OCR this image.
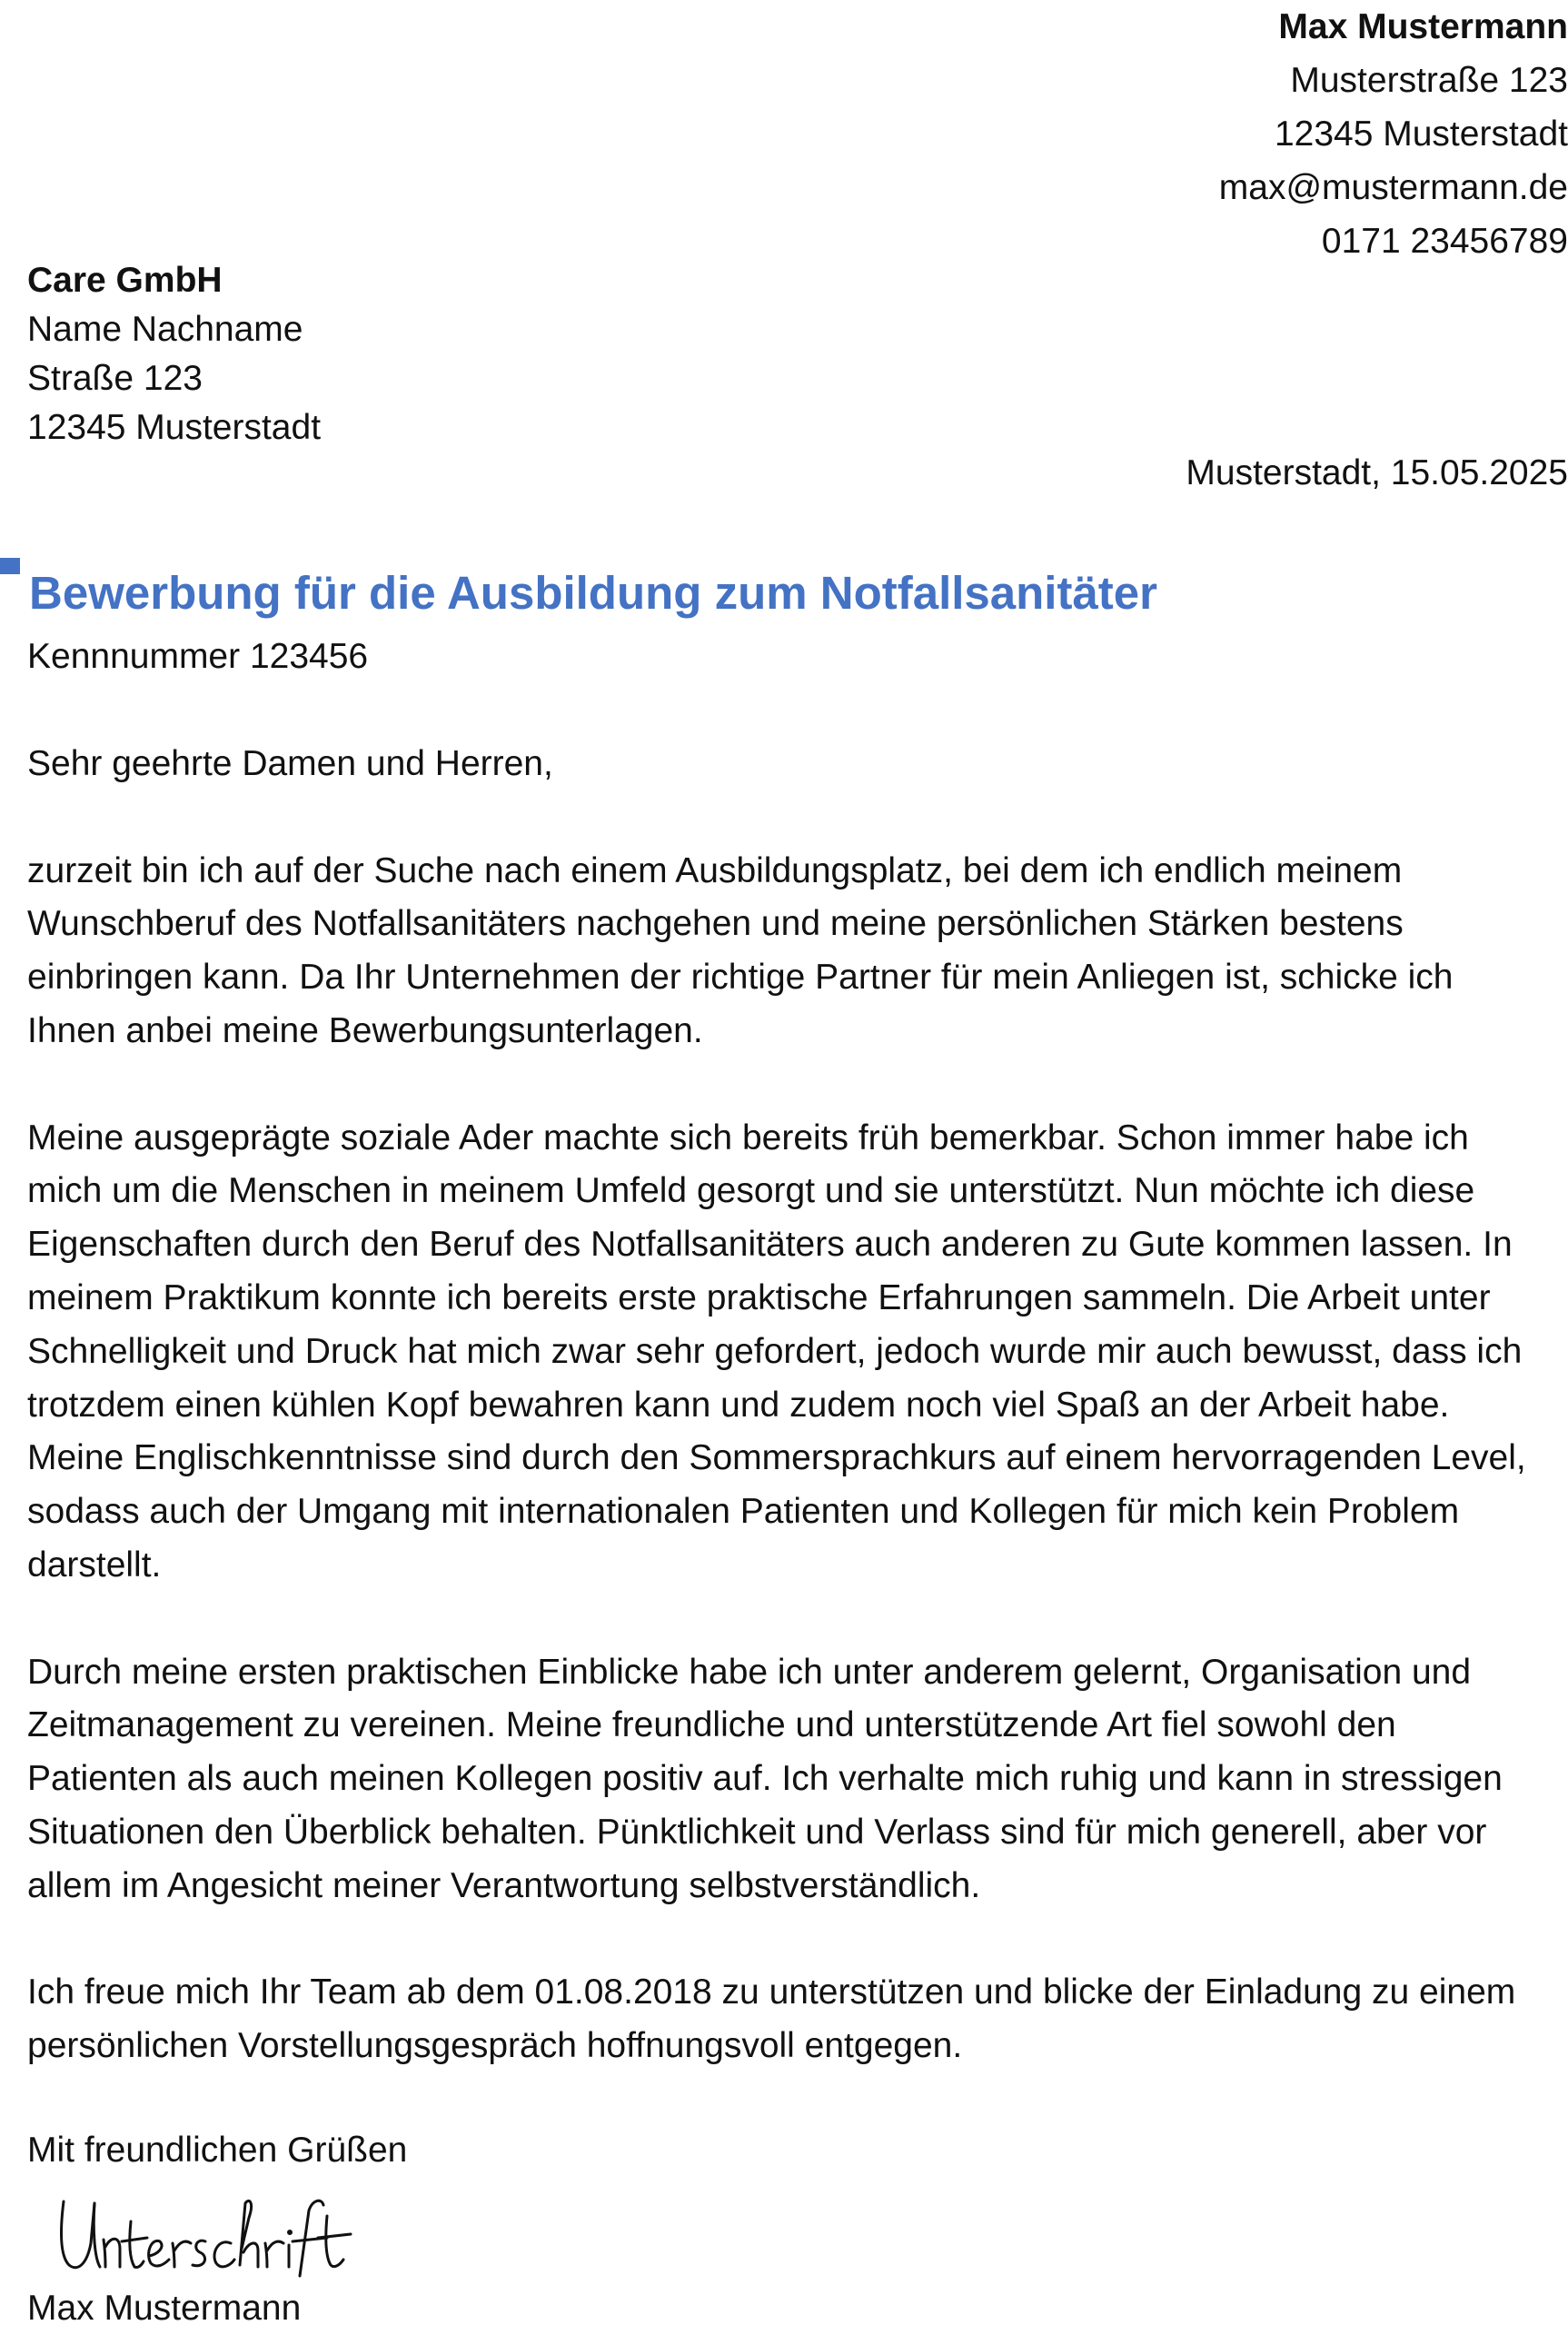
Max Mustermann
Musterstraße 123
12345 Musterstadt
max@mustermann.de
0171 23456789
Care GmbH
Name Nachname
Straße 123
12345 Musterstadt
Musterstadt, 15.05.2025
Bewerbung für die Ausbildung zum Notfallsanitäter
Kennnummer 123456

Sehr geehrte Damen und Herren,

zurzeit bin ich auf der Suche nach einem Ausbildungsplatz, bei dem ich endlich meinem
Wunschberuf des Notfallsanitäters nachgehen und meine persönlichen Stärken bestens
einbringen kann. Da Ihr Unternehmen der richtige Partner für mein Anliegen ist, schicke ich
Ihnen anbei meine Bewerbungsunterlagen.

Meine ausgeprägte soziale Ader machte sich bereits früh bemerkbar. Schon immer habe ich
mich um die Menschen in meinem Umfeld gesorgt und sie unterstützt. Nun möchte ich diese
Eigenschaften durch den Beruf des Notfallsanitäters auch anderen zu Gute kommen lassen. In
meinem Praktikum konnte ich bereits erste praktische Erfahrungen sammeln. Die Arbeit unter
Schnelligkeit und Druck hat mich zwar sehr gefordert, jedoch wurde mir auch bewusst, dass ich
trotzdem einen kühlen Kopf bewahren kann und zudem noch viel Spaß an der Arbeit habe.
Meine Englischkenntnisse sind durch den Sommersprachkurs auf einem hervorragenden Level,
sodass auch der Umgang mit internationalen Patienten und Kollegen für mich kein Problem
darstellt.

Durch meine ersten praktischen Einblicke habe ich unter anderem gelernt, Organisation und
Zeitmanagement zu vereinen. Meine freundliche und unterstützende Art fiel sowohl den
Patienten als auch meinen Kollegen positiv auf. Ich verhalte mich ruhig und kann in stressigen
Situationen den Überblick behalten. Pünktlichkeit und Verlass sind für mich generell, aber vor
allem im Angesicht meiner Verantwortung selbstverständlich.

Ich freue mich Ihr Team ab dem 01.08.2018 zu unterstützen und blicke der Einladung zu einem
persönlichen Vorstellungsgespräch hoffnungsvoll entgegen.

Mit freundlichen Grüßen
Max Mustermann
